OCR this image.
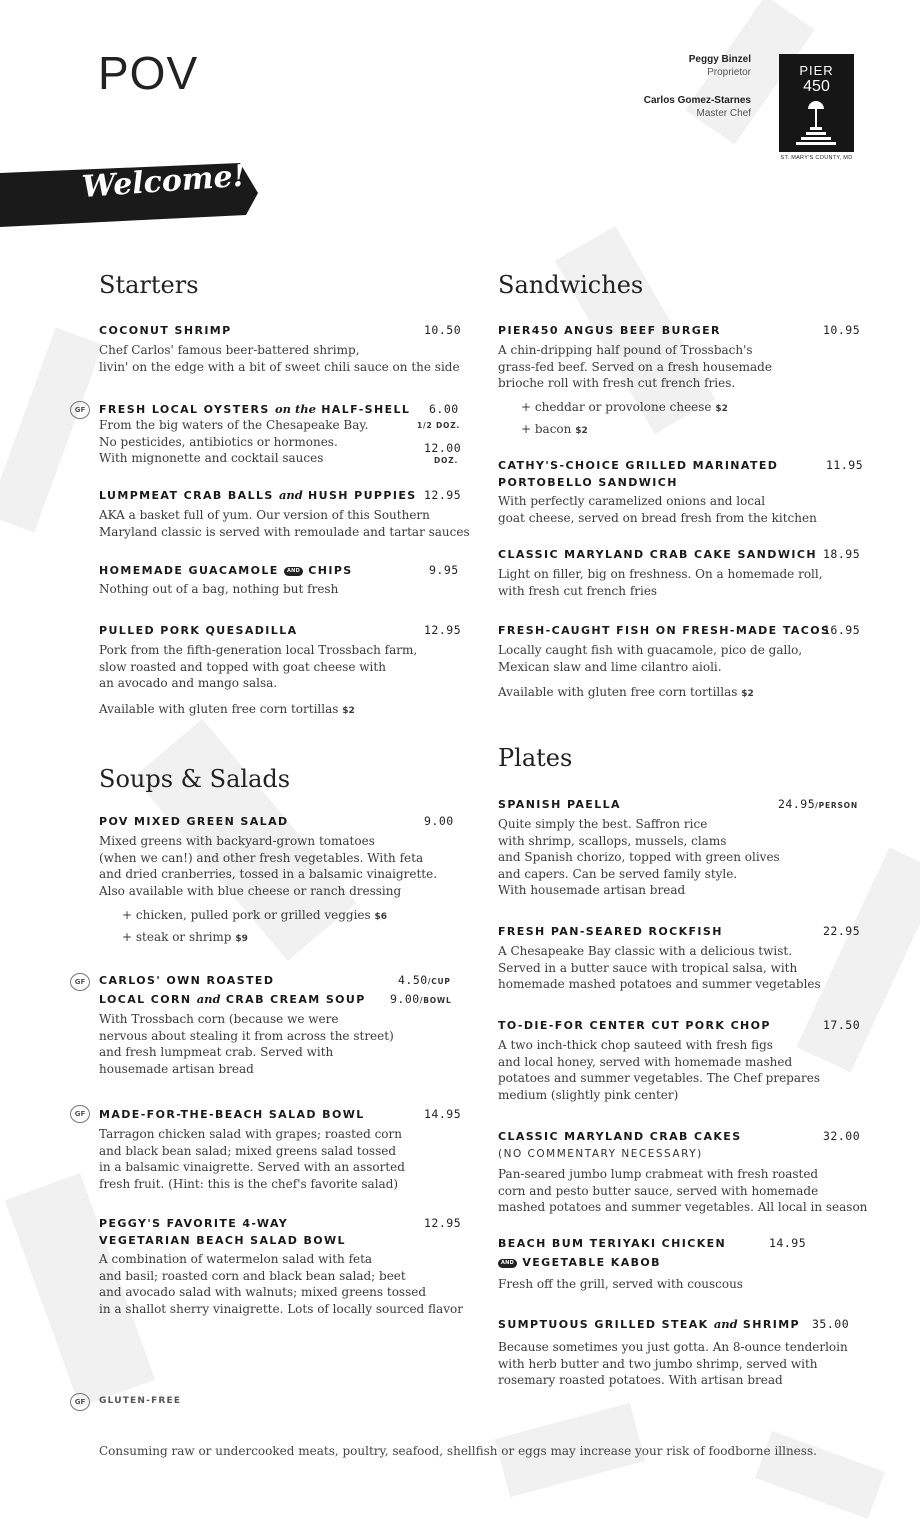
POV	Peggy Binzel
Proprietor
Carlos Gomez-Starnes
Master Chef
PIER
450
ST. MARY'S COUNTY, MD
Welcome!
Starters
COCONUT SHRIMP	10.50
Chef Carlos' famous beer-battered shrimp,
livin' on the edge with a bit of sweet chili sauce on the side
GF	FRESH LOCAL OYSTERS on the HALF-SHELL 6.00
1/2 DOZ.
12.00
DOZ.
From the big waters of the Chesapeake Bay.
No pesticides, antibiotics or hormones.
With mignonette and cocktail sauces
LUMPMEAT CRAB BALLS and HUSH PUPPIES 12.95
AKA a basket full of yum. Our version of this Southern
Maryland classic is served with remoulade and tartar sauces
HOMEMADE GUACAMOLE AND CHIPS	9.95
Nothing out of a bag, nothing but fresh
PULLED PORK QUESADILLA	12.95
Pork from the fifth-generation local Trossbach farm,
slow roasted and topped with goat cheese with
an avocado and mango salsa.
Available with gluten free corn tortillas $2
Soups & Salads
POV MIXED GREEN SALAD	9.00
Mixed greens with backyard-grown tomatoes
(when we can!) and other fresh vegetables. With feta
and dried cranberries, tossed in a balsamic vinaigrette.
Also available with blue cheese or ranch dressing
+ chicken, pulled pork or grilled veggies $6
+ steak or shrimp $9
GF	CARLOS' OWN ROASTED
LOCAL CORN and CRAB CREAM SOUP
4.50/CUP
9.00/BOWL
With Trossbach corn (because we were
nervous about stealing it from across the street)
and fresh lumpmeat crab. Served with
housemade artisan bread
GF	MADE-FOR-THE-BEACH SALAD BOWL	14.95
Tarragon chicken salad with grapes; roasted corn
and black bean salad; mixed greens salad tossed
in a balsamic vinaigrette. Served with an assorted
fresh fruit. (Hint: this is the chef's favorite salad)
PEGGY'S FAVORITE 4-WAY
VEGETARIAN BEACH SALAD BOWL
12.95
A combination of watermelon salad with feta
and basil; roasted corn and black bean salad; beet
and avocado salad with walnuts; mixed greens tossed
in a shallot sherry vinaigrette. Lots of locally sourced flavor
GF	GLUTEN-FREE
Sandwiches
PIER450 ANGUS BEEF BURGER	10.95
A chin-dripping half pound of Trossbach's
grass-fed beef. Served on a fresh housemade
brioche roll with fresh cut french fries.
+ cheddar or provolone cheese $2
+ bacon $2
CATHY'S-CHOICE GRILLED MARINATED
PORTOBELLO SANDWICH
11.95
With perfectly caramelized onions and local
goat cheese, served on bread fresh from the kitchen
CLASSIC MARYLAND CRAB CAKE SANDWICH 18.95
Light on filler, big on freshness. On a homemade roll,
with fresh cut french fries
FRESH-CAUGHT FISH ON FRESH-MADE TACOS
16.95
Locally caught fish with guacamole, pico de gallo,
Mexican slaw and lime cilantro aioli.
Available with gluten free corn tortillas $2
Plates
SPANISH PAELLA	24.95/PERSON
Quite simply the best. Saffron rice
with shrimp, scallops, mussels, clams
and Spanish chorizo, topped with green olives
and capers. Can be served family style.
With housemade artisan bread
FRESH PAN-SEARED ROCKFISH	22.95
A Chesapeake Bay classic with a delicious twist.
Served in a butter sauce with tropical salsa, with
homemade mashed potatoes and summer vegetables
TO-DIE-FOR CENTER CUT PORK CHOP	17.50
A two inch-thick chop sauteed with fresh figs
and local honey, served with homemade mashed
potatoes and summer vegetables. The Chef prepares
medium (slightly pink center)
CLASSIC MARYLAND CRAB CAKES
(NO COMMENTARY NECESSARY)
32.00
Pan-seared jumbo lump crabmeat with fresh roasted
corn and pesto butter sauce, served with homemade
mashed potatoes and summer vegetables. All local in season
BEACH BUM TERIYAKI CHICKEN
AND VEGETABLE KABOB
14.95
Fresh off the grill, served with couscous
SUMPTUOUS GRILLED STEAK and SHRIMP 35.00
Because sometimes you just gotta. An 8-ounce tenderloin
with herb butter and two jumbo shrimp, served with
rosemary roasted potatoes. With artisan bread
Consuming raw or undercooked meats, poultry, seafood, shellfish or eggs may increase your risk of foodborne illness.
